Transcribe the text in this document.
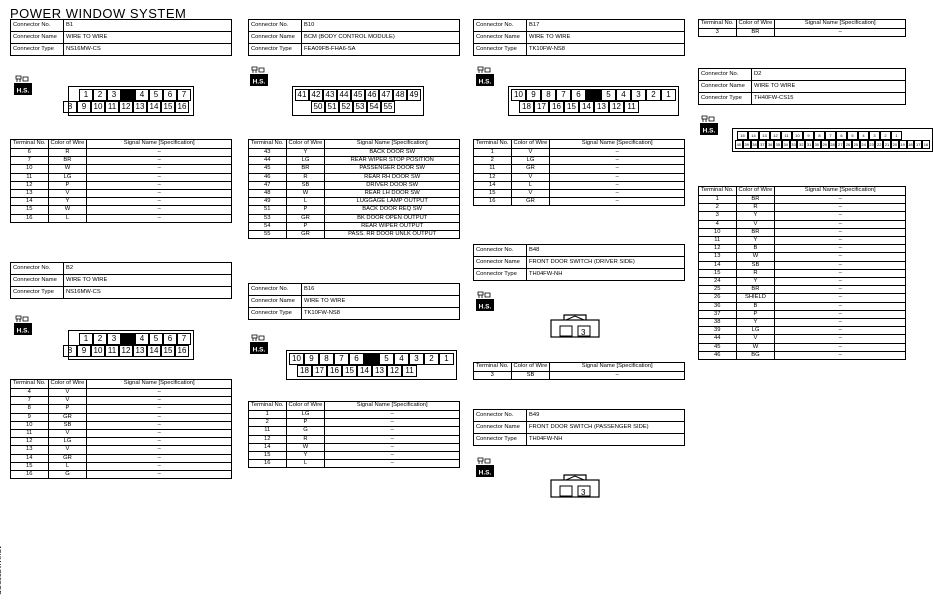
POWER WINDOW SYSTEM
Connector No.	B1
Connector Name	WIRE TO WIRE
Connector Type	NS16MW-CS
H.S.	1	2	3	4	5	6	7
8	9 10 11 12 13 14 15 16
Terminal No.	Color of Wire	Signal Name [Specification]
6	R	–
7	BR	–
10	W	–
11	LG	–
12	P	–
13	V	–
14	Y	–
15	W	–
16	L	–
Connector No.	B2
Connector Name	WIRE TO WIRE
Connector Type	NS16MW-CS
H.S.
1	2	3	4	5	6	7
8	9 10 11 12 13 14 15 16
Terminal No.	Color of Wire	Signal Name [Specification]
4	V	–
7	V	–
8	P	–
9	GR	–
10	SB	–
11	V	–
12	LG	–
13	V	–
14	GR	–
15	L	–
16	G	–
Connector No.	B10
Connector Name	BCM (BODY CONTROL MODULE)
Connector Type	FEA09FB-FHA6-SA
H.S.
41 42 43 44 45 46 47 48 49
50 51 52 53 54 55
Terminal No.	Color of Wire	Signal Name [Specification]
43	Y	BACK DOOR SW
44	LG	REAR WIPER STOP POSITION
45	BR	PASSENGER DOOR SW
46	R	REAR RH DOOR SW
47	SB	DRIVER DOOR SW
48	W	REAR LH DOOR SW
49	L	LUGGAGE LAMP OUTPUT
51	P	BACK DOOR REQ SW
53	GR	BK DOOR OPEN OUTPUT
54	P	REAR WIPER OUTPUT
55	GR	PASS. RR DOOR UNLK OUTPUT
Connector No.	B16
Connector Name	WIRE TO WIRE
Connector Type	TK10FW-NS8
H.S.
10	9	8	7	6	5	4	3	2	1
18 17 16 15 14 13 12 11
Terminal No.	Color of Wire	Signal Name [Specification]
1	LG	–
2	P	–
11	G	–
12	R	–
14	W	–
15	Y	–
16	L	–
Connector No.	B17
Connector Name	WIRE TO WIRE
Connector Type	TK10FW-NS8
H.S.
10	9	8	7	6	5	4	3	2	1
18 17 16 15 14 13 12 11
Terminal No.	Color of Wire	Signal Name [Specification]
1	V	–
2	LG	–
11	GR	–
12	V	–
14	L	–
15	V	–
16	GR	–
Connector No.	B48
Connector Name	FRONT DOOR SWITCH (DRIVER SIDE)
Connector Type	TH04FW-NH
H.S.
3
Terminal No.	Color of Wire	Signal Name [Specification]
3	SB	–
Connector No.	B49
Connector Name	FRONT DOOR SWITCH (PASSENGER SIDE)
Connector Type	TH04FW-NH
H.S.
3
Terminal No.	Color of Wire	Signal Name [Specification]
3	BR	–
Connector No.	D2
Connector Name	WIRE TO WIRE
Connector Type	TH40FW-CS15
H.S.
15	14	13	12	11	10	9	8	7	6	5	4	3	2	1
40 39 38 37 36 35 34 33 32 31 30 29 28 27 26 25 24 23 22 21 20 19 18 17 16
Terminal No.	Color of Wire	Signal Name [Specification]
1	BR	–
2	R	–
3	Y	–
4	V	–
10	BR	–
11	Y	–
12	B	–
13	W	–
14	SB	–
15	R	–
24	Y	–
25	BR	–
26	SHIELD	–
36	B	–
37	P	–
38	Y	–
39	LG	–
44	V	–
45	W	–
46	BG	–
